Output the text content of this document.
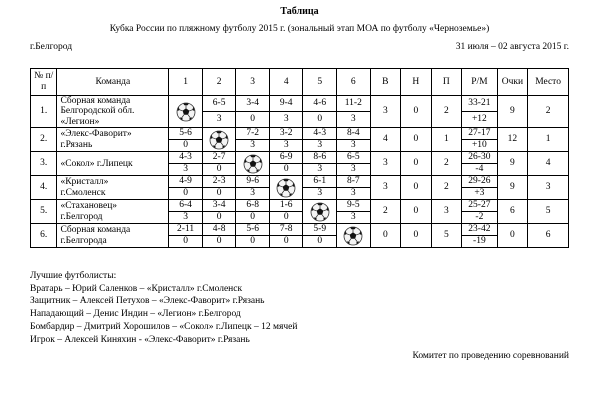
Таблица
Кубка России по пляжному футболу 2015 г. (зональный этап МОА по футболу «Черноземье»)
г.Белгород	31 июля – 02 августа 2015 г.
№ п/п	Команда	1	2	3	4	5	6	В	Н	П	Р/М	Очки	Место
1.	Сборная команда
Белгородской обл.
«Легион»		6-5	3-4	9-4	4-6	11-2	3	0	2	33-21	9	2
			3	0	3	0	3				+12		
2.	«Элекс-Фаворит»
г.Рязань	5-6		7-2	3-2	4-3	8-4	4	0	1	27-17	12	1
		0		3	3	3	3				+10		
3.	«Сокол» г.Липецк	4-3	2-7		6-9	8-6	6-5	3	0	2	26-30	9	4
		3	0		0	3	3				-4		
4.	«Кристалл»
г.Смоленск	4-9	2-3	9-6		6-1	8-7	3	0	2	29-26	9	3
		0	0	3		3	3				+3		
5.	«Стахановец»
г.Белгород	6-4	3-4	6-8	1-6		9-5	2	0	3	25-27	6	5
		3	0	0	0		3				-2		
6.	Сборная команда
г.Белгорода	2-11	4-8	5-6	7-8	5-9		0	0	5	23-42	0	6
		0	0	0	0	0					-19		
Лучшие футболисты:
Вратарь – Юрий Саленков – «Кристалл» г.Смоленск
Защитник – Алексей Петухов – «Элекс-Фаворит» г.Рязань
Нападающий – Денис Индин – «Легион» г.Белгород
Бомбардир – Дмитрий Хорошилов – «Сокол» г.Липецк – 12 мячей
Игрок – Алексей Киняхин - «Элекс-Фаворит» г.Рязань
Комитет по проведению соревнований
